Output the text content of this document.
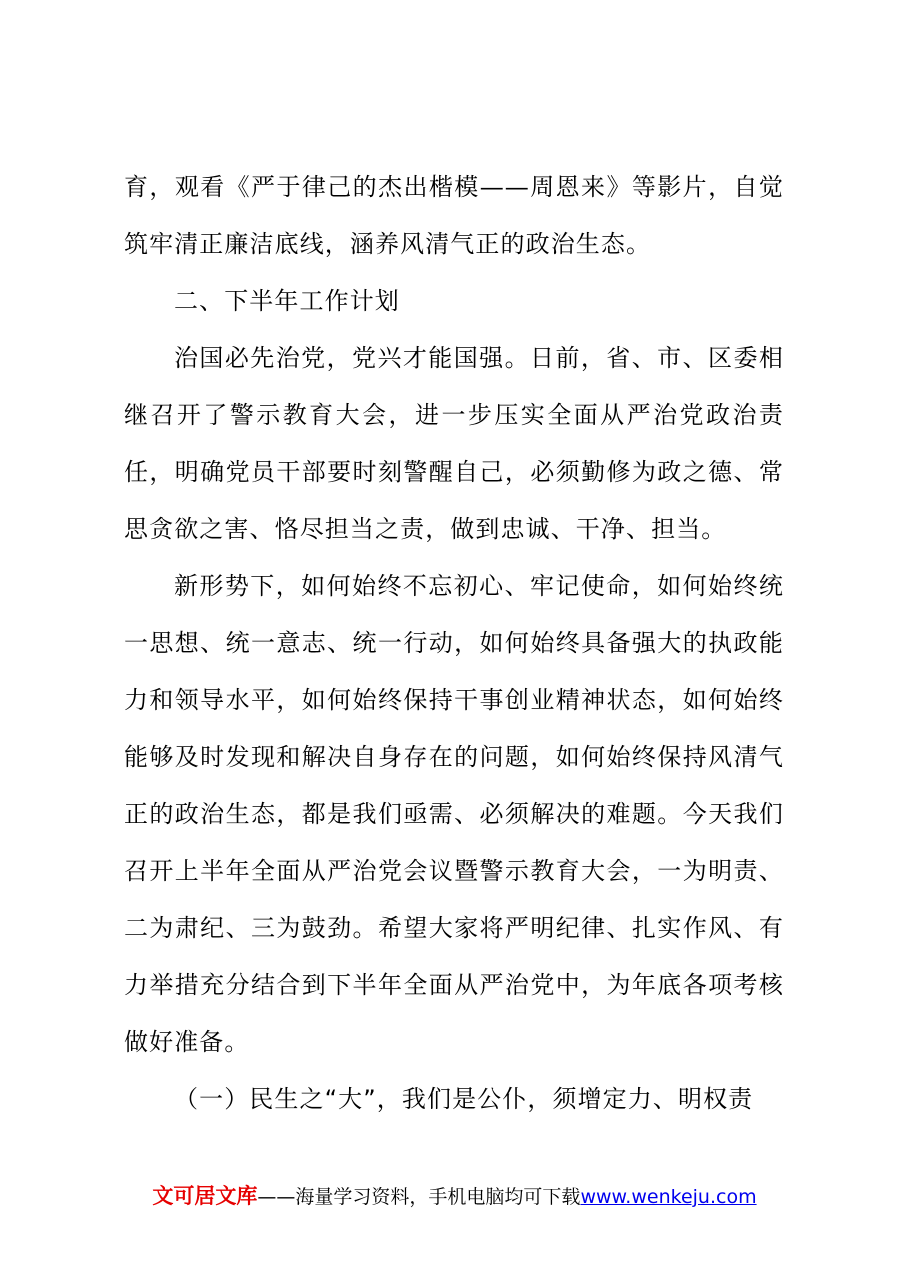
育，观看《严于律己的杰出楷模——周恩来》等影片，自觉筑牢清正廉洁底线，涵养风清气正的政治生态。

二、下半年工作计划

治国必先治党，党兴才能国强。日前，省、市、区委相继召开了警示教育大会，进一步压实全面从严治党政治责任，明确党员干部要时刻警醒自己，必须勤修为政之德、常思贪欲之害、恪尽担当之责，做到忠诚、干净、担当。

新形势下，如何始终不忘初心、牢记使命，如何始终统一思想、统一意志、统一行动，如何始终具备强大的执政能力和领导水平，如何始终保持干事创业精神状态，如何始终能够及时发现和解决自身存在的问题，如何始终保持风清气正的政治生态，都是我们亟需、必须解决的难题。今天我们召开上半年全面从严治党会议暨警示教育大会，一为明责、二为肃纪、三为鼓劲。希望大家将严明纪律、扎实作风、有力举措充分结合到下半年全面从严治党中，为年底各项考核做好准备。

（一）民生之“大”，我们是公仆，须增定力、明权责

文可居文库——海量学习资料，手机电脑均可下载www.wenkeju.com
